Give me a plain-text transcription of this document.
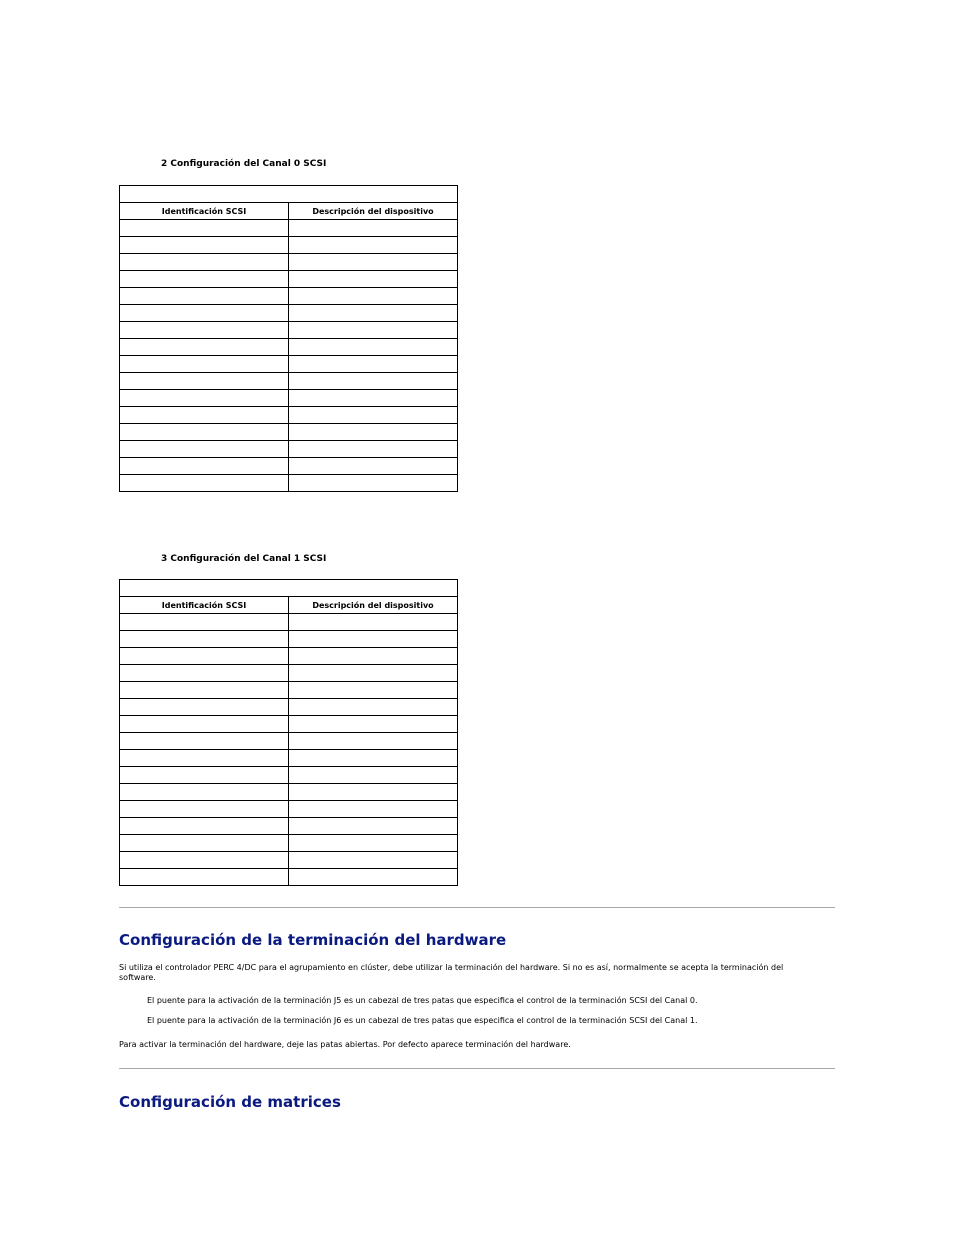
2 Configuración del Canal 0 SCSI

Identificación SCSI	Descripción del dispositivo

3 Configuración del Canal 1 SCSI

Identificación SCSI	Descripción del dispositivo

Configuración de la terminación del hardware

Si utiliza el controlador PERC 4/DC para el agrupamiento en clúster, debe utilizar la terminación del hardware. Si no es así, normalmente se acepta la terminación del software.

El puente para la activación de la terminación J5 es un cabezal de tres patas que especifica el control de la terminación SCSI del Canal 0.

El puente para la activación de la terminación J6 es un cabezal de tres patas que especifica el control de la terminación SCSI del Canal 1.

Para activar la terminación del hardware, deje las patas abiertas. Por defecto aparece terminación del hardware.

Configuración de matrices
